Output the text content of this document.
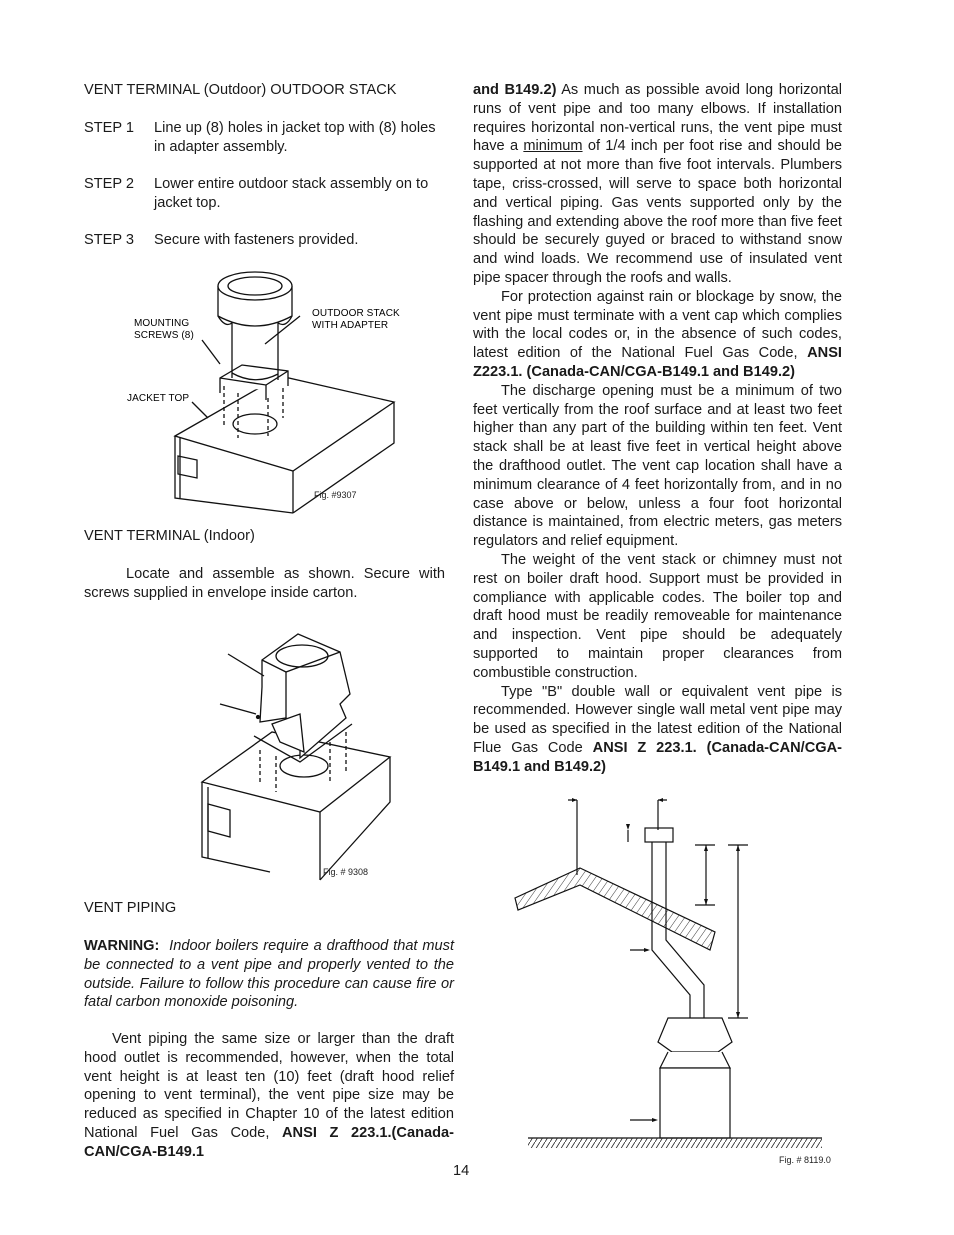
VENT TERMINAL (Outdoor) OUTDOOR STACK
STEP 1	Line up (8) holes in jacket top with (8) holes in adapter assembly.
STEP 2	Lower entire outdoor stack assembly on to jacket top.
STEP 3	Secure with fasteners provided.
MOUNTING SCREWS (8)
OUTDOOR STACK WITH ADAPTER
JACKET TOP
Fig. #9307
VENT TERMINAL (Indoor)

Locate and assemble as shown. Secure with screws supplied in envelope inside carton.

Fig. # 9308
VENT PIPING

WARNING: Indoor boilers require a drafthood that must be connected to a vent pipe and properly vented to the outside. Failure to follow this procedure can cause fire or fatal carbon monoxide poisoning.

Vent piping the same size or larger than the draft hood outlet is recommended, however, when the total vent height is at least ten (10) feet (draft hood relief opening to vent terminal), the vent pipe size may be reduced as specified in Chapter 10 of the latest edition National Fuel Gas Code, ANSI Z 223.1.(Canada-CAN/CGA-B149.1

and B149.2) As much as possible avoid long horizontal runs of vent pipe and too many elbows. If installation requires horizontal non-vertical runs, the vent pipe must have a minimum of 1/4 inch per foot rise and should be supported at not more than five foot intervals. Plumbers tape, criss-crossed, will serve to space both horizontal and vertical piping. Gas vents supported only by the flashing and extending above the roof more than five feet should be securely guyed or braced to withstand snow and wind loads. We recommend use of insulated vent pipe spacer through the roofs and walls.

For protection against rain or blockage by snow, the vent pipe must terminate with a vent cap which complies with the local codes or, in the absence of such codes, latest edition of the National Fuel Gas Code, ANSI Z223.1. (Canada-CAN/CGA-B149.1 and B149.2)

The discharge opening must be a minimum of two feet vertically from the roof surface and at least two feet higher than any part of the building within ten feet. Vent stack shall be at least five feet in vertical height above the drafthood outlet. The vent cap location shall have a minimum clearance of 4 feet horizontally from, and in no case above or below, unless a four foot horizontal distance is maintained, from electric meters, gas meters regulators and relief equipment.

The weight of the vent stack or chimney must not rest on boiler draft hood. Support must be provided in compliance with applicable codes. The boiler top and draft hood must be readily removeable for maintenance and inspection. Vent pipe should be adequately supported to maintain proper clearances from combustible construction.

Type "B" double wall or equivalent vent pipe is recommended. However single wall metal vent pipe may be used as specified in the latest edition of the National Flue Gas Code ANSI Z 223.1. (Canada-CAN/CGA-B149.1 and B149.2)

Fig. # 8119.0
14
